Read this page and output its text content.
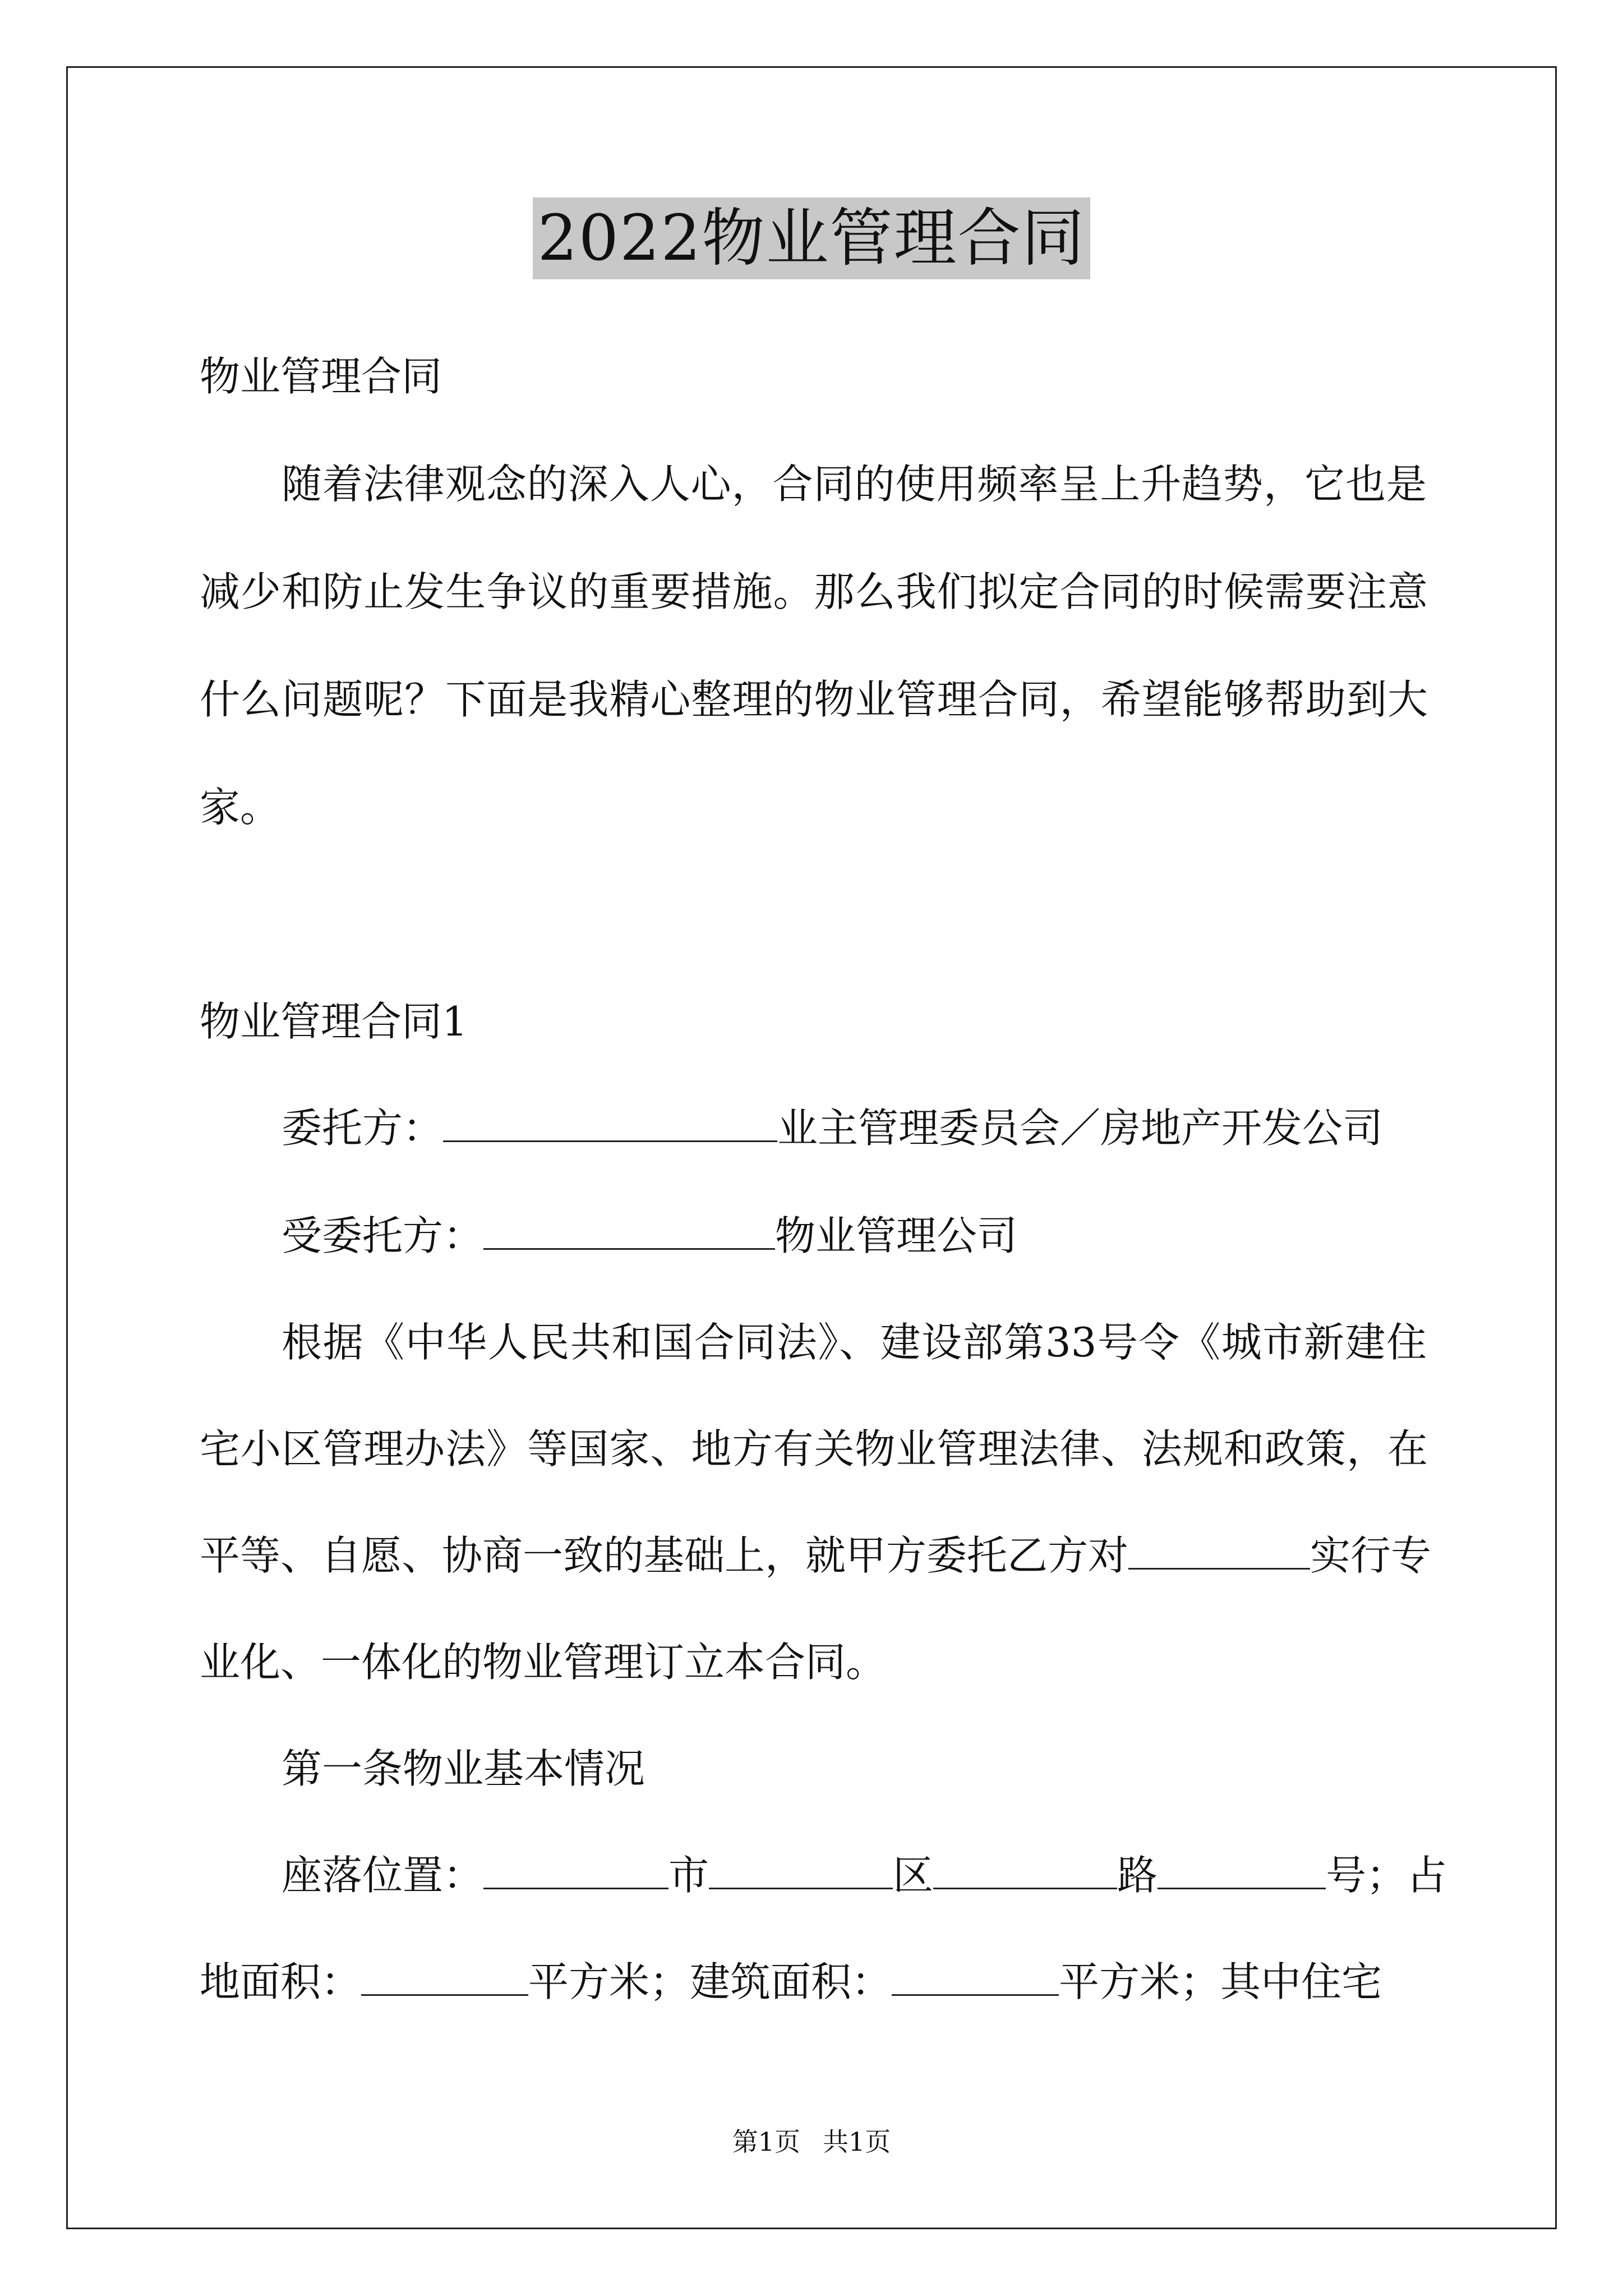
2022物业管理合同
物业管理合同
随着法律观念的深入人心，合同的使用频率呈上升趋势，它也是
减少和防止发生争议的重要措施。那么我们拟定合同的时候需要注意
什么问题呢？下面是我精心整理的物业管理合同，希望能够帮助到大
家。
物业管理合同1
委托方：	业主管理委员会／房地产开发公司
受委托方：	物业管理公司
根据《中华人民共和国合同法》、建设部第33号令《城市新建住
宅小区管理办法》等国家、地方有关物业管理法律、法规和政策，在
平等、自愿、协商一致的基础上，就甲方委托乙方对	实行专
业化、一体化的物业管理订立本合同。
第一条物业基本情况
座落位置：	市	区	路	号；占
地面积：	平方米；建筑面积：	平方米；其中住宅
第1页 共1页
